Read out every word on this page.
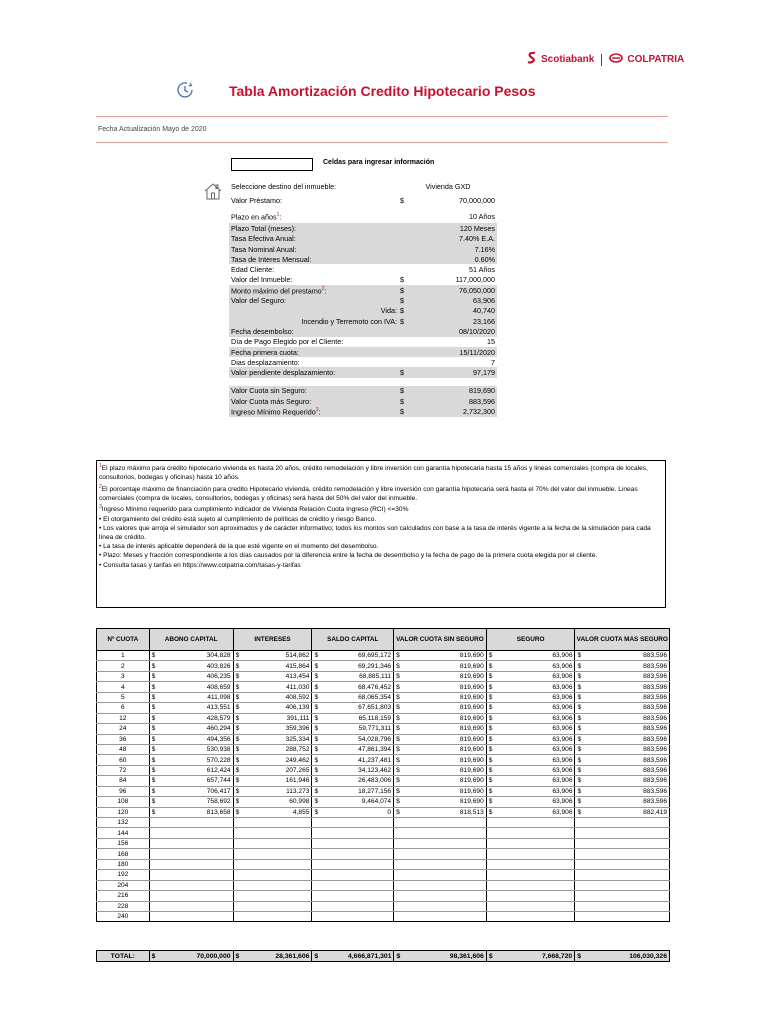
Scotiabank	COLPATRIA
Tabla Amortización Credito Hipotecario Pesos
Fecha Actualización Mayo de 2020
Celdas para ingresar información
Seleccione destino del inmueble:	Vivienda GXD	
Valor Préstamo:	$	70,000,000
Plazo en años$^1$:		10 Años
Plazo Total (meses):		120 Meses
Tasa Efectiva Anual:		7.40% E.A.
Tasa Nominal Anual:		7.16%
Tasa de Interes Mensual:		0.60%
Edad Cliente:		51 Años
Valor del Inmueble:	$	117,000,000
Monto máximo del prestamo$^2$:	$	76,050,000
Valor del Seguro:	$	63,906
Vida:	$	40,740
Incendio y Terremoto con IVA:	$	23,166
Fecha desembolso:		08/10/2020
Día de Pago Elegido por el Cliente:		15
Fecha primera cuota:		15/11/2020
Dias desplazamiento:		7
Valor pendiente desplazamiento:	$	97,179

Valor Cuota sin Seguro:	$	819,690
Valor Cuota más Seguro:	$	883,596
Ingreso Mínimo Requerido$^3$:	$	2,732,300

$^1$El plazo máximo para crédito hipotecario vivienda es hasta 20 años, crédito remodelación y libre inversión con garantía hipotecaria hasta 15 años y lineas comerciales (compra de locales, consultorios, bodegas y oficinas) hasta 10 años.

$^2$El porcentaje máximo de financiación para credito Hipotecario vivienda, crédito remodelación y libre inversión con garantía hipotecaria será hasta el 70% del valor del inmueble. Lineas comerciales (compra de locales, consultorios, bodegas y oficinas) será hasta del 50% del valor del inmueble.

$^3$Ingreso Mínimo requerido para cumplimiento indicador de Vivienda Relación Cuota Ingreso (RCI) <=30%

• El otorgamiento del crédito está sujeto al cumplimiento de políticas de crédito y riesgo Banco.

• Los valores que arroja el simulador son aproximados y de carácter informativo; todos los montos son calculados con base a la tasa de interés vigente a la fecha de la simulación para cada línea de crédito.

• La tasa de interés aplicable dependerá de la que esté vigente en el momento del desembolso.

• Plazo: Meses y fracción correspondiente a los días causados por la diferencia entre la fecha de desembolso y la fecha de pago de la primera cuota elegida por el cliente.

• Consulta tasas y tarifas en https://www.colpatria.com/tasas-y-tarifas

Nº CUOTA	ABONO CAPITAL		INTERESES		SALDO CAPITAL		VALOR CUOTA SIN SEGURO		SEGURO		VALOR CUOTA MAS SEGURO	
1	$	304,828	$	514,862	$	69,695,172	$	819,690	$	63,906	$	883,596
2	$	403,826	$	415,864	$	69,291,346	$	819,690	$	63,906	$	883,596
3	$	406,235	$	413,454	$	68,885,111	$	819,690	$	63,906	$	883,596
4	$	408,659	$	411,030	$	68,476,452	$	819,690	$	63,906	$	883,596
5	$	411,098	$	408,592	$	68,065,354	$	819,690	$	63,906	$	883,596
6	$	413,551	$	406,139	$	67,651,803	$	819,690	$	63,906	$	883,596
12	$	428,579	$	391,111	$	65,118,159	$	819,690	$	63,906	$	883,596
24	$	460,294	$	359,396	$	59,771,311	$	819,690	$	63,906	$	883,596
36	$	494,356	$	325,334	$	54,028,796	$	819,690	$	63,906	$	883,596
48	$	530,938	$	288,752	$	47,861,394	$	819,690	$	63,906	$	883,596
60	$	570,228	$	249,462	$	41,237,481	$	819,690	$	63,906	$	883,596
72	$	612,424	$	207,265	$	34,123,462	$	819,690	$	63,906	$	883,596
84	$	657,744	$	161,946	$	26,483,006	$	819,690	$	63,906	$	883,596
96	$	706,417	$	113,273	$	18,277,156	$	819,690	$	63,906	$	883,596
108	$	758,692	$	60,998	$	9,464,074	$	819,690	$	63,906	$	883,596
120	$	813,658	$	4,855	$	0	$	818,513	$	63,906	$	882,419
132												
144												
156												
168												
180												
192												
204												
216												
228												
240												
TOTAL:	$	70,000,000	$	28,361,606	$	4,666,871,301	$	98,361,606	$	7,668,720	$	106,030,326
